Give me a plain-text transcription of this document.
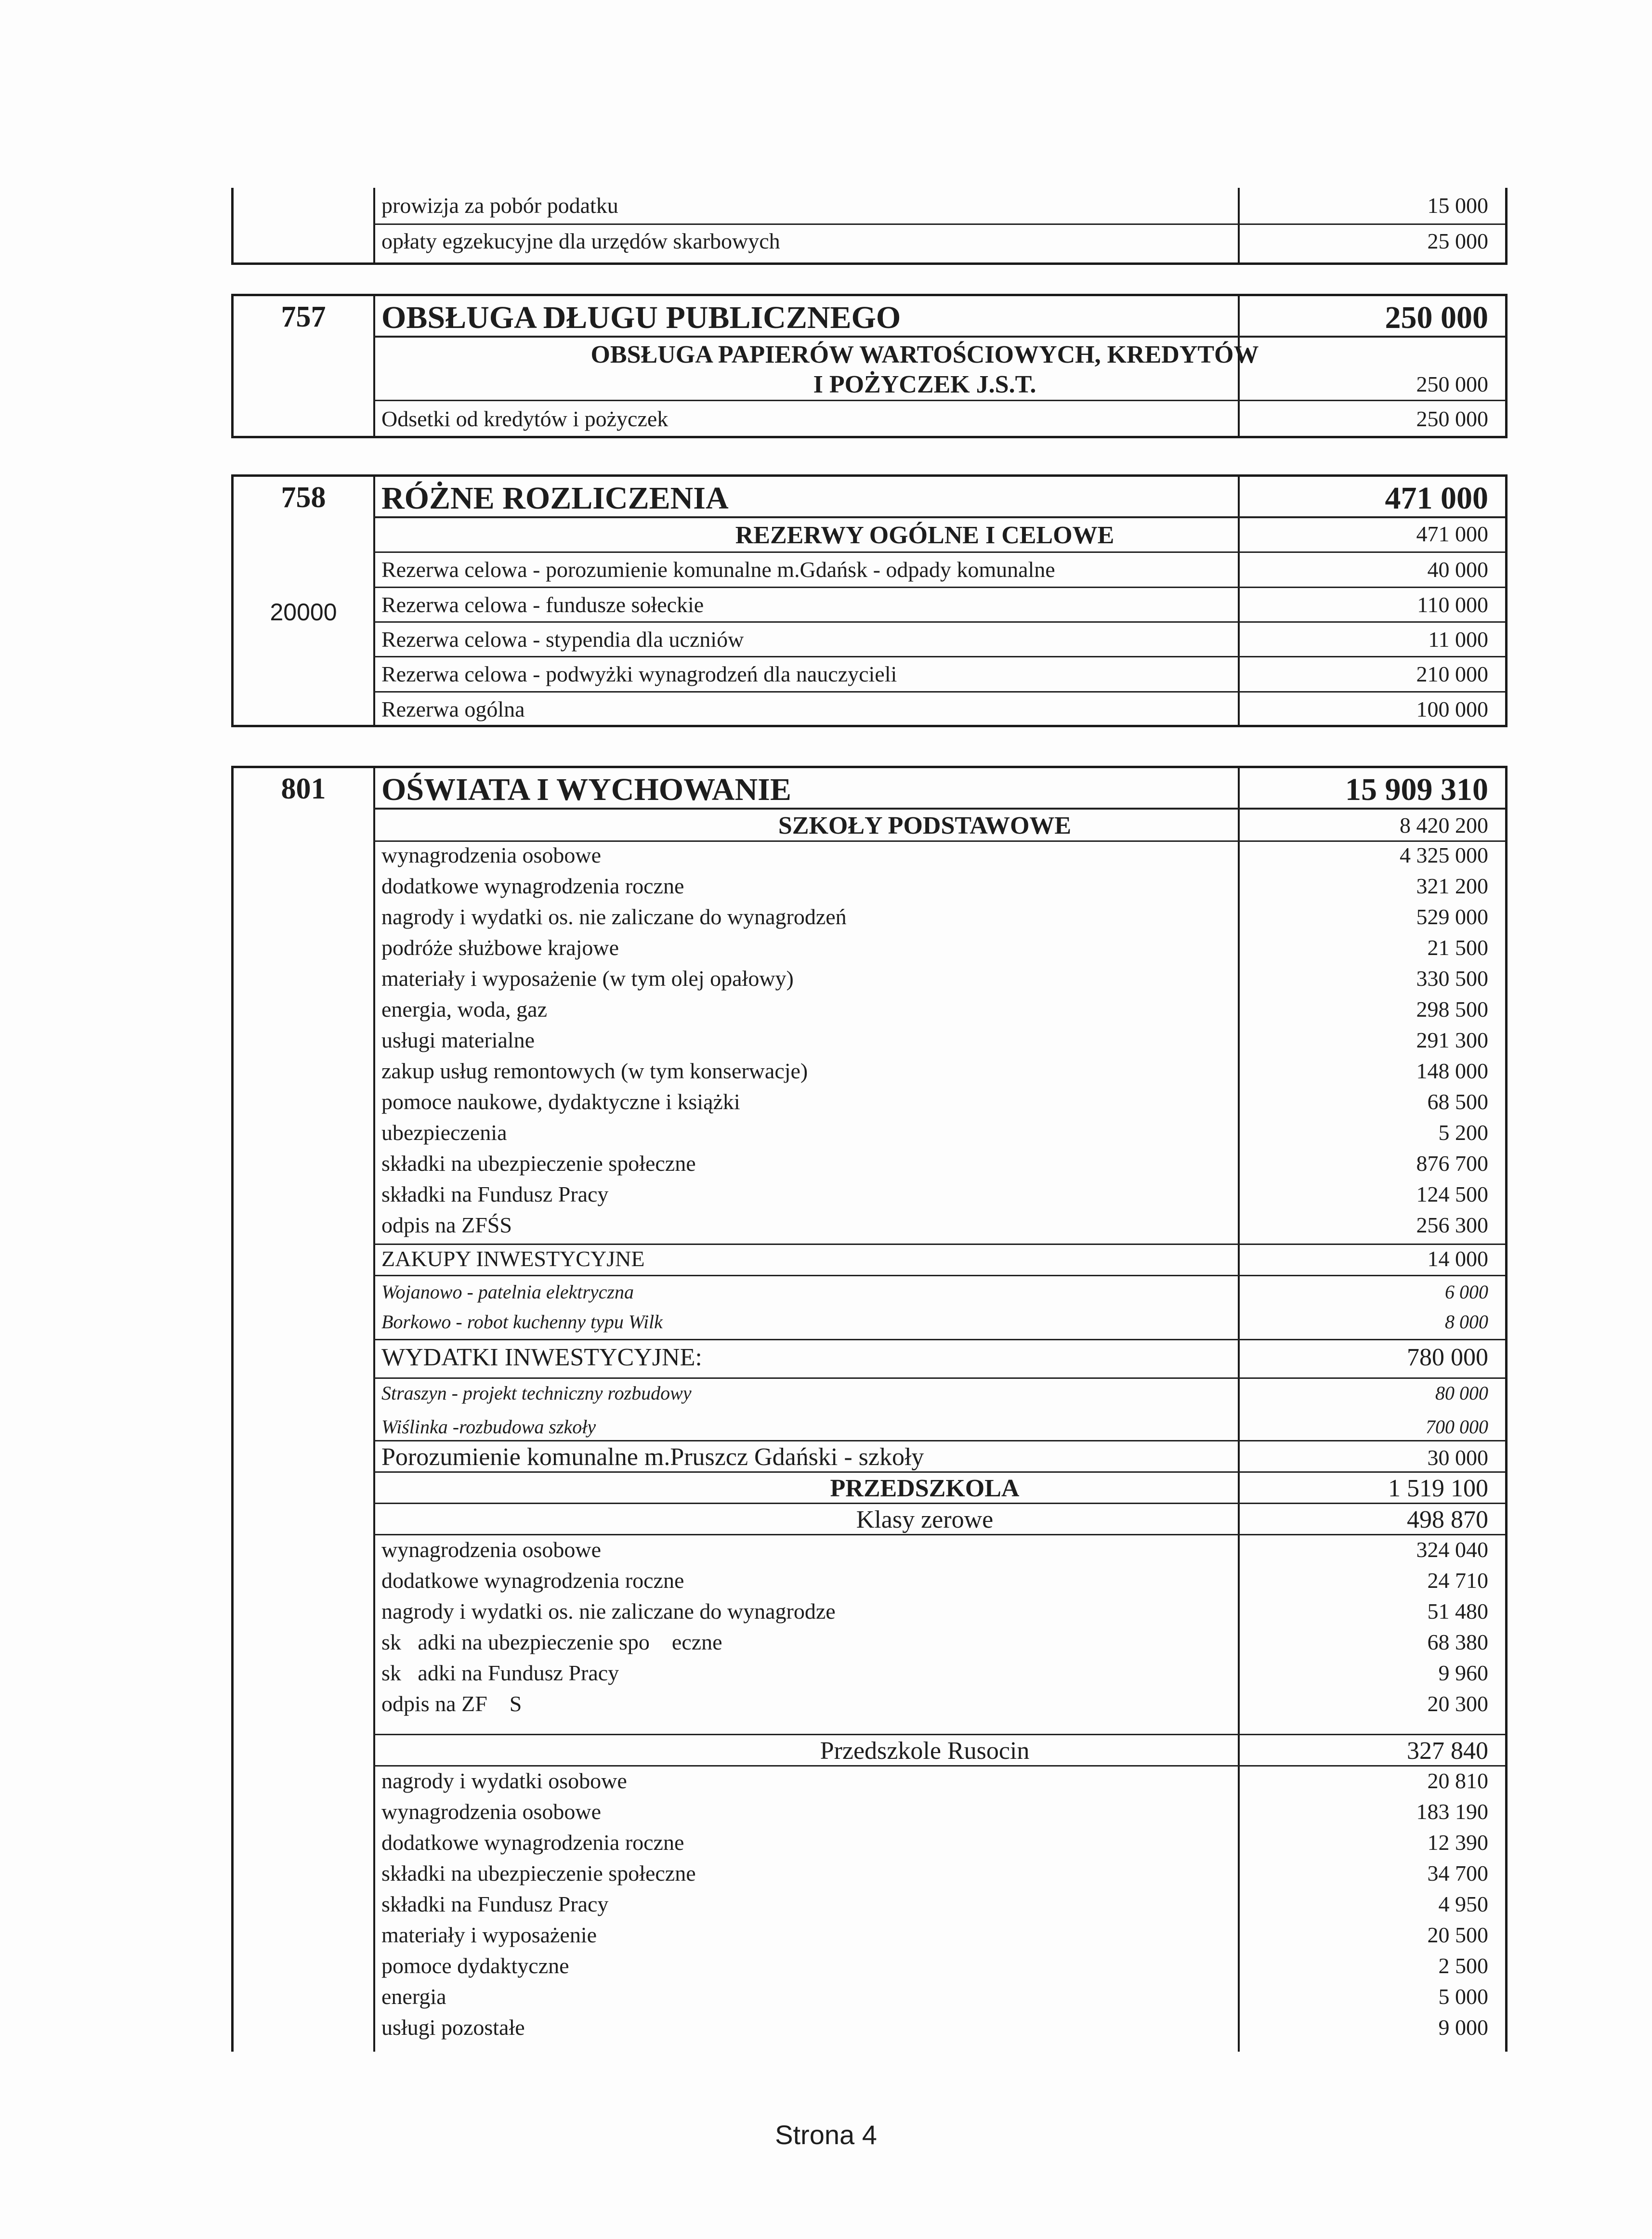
prowizja za pobór podatku	15 000
opłaty egzekucyjne dla urzędów skarbowych	25 000
757	OBSŁUGA DŁUGU PUBLICZNEGO	250 000
OBSŁUGA PAPIERÓW WARTOŚCIOWYCH, KREDYTÓW
I POŻYCZEK J.S.T.	250 000
Odsetki od kredytów i pożyczek	250 000
758	RÓŻNE ROZLICZENIA	471 000
REZERWY OGÓLNE I CELOWE	471 000
20000
Rezerwa celowa - porozumienie komunalne m.Gdańsk - odpady komunalne	40 000
Rezerwa celowa - fundusze sołeckie	110 000
Rezerwa celowa - stypendia dla uczniów	11 000
Rezerwa celowa - podwyżki wynagrodzeń dla nauczycieli	210 000
Rezerwa ogólna	100 000
801	OŚWIATA I WYCHOWANIE	15 909 310
SZKOŁY PODSTAWOWE	8 420 200
wynagrodzenia osobowe	4 325 000
dodatkowe wynagrodzenia roczne	321 200
nagrody i wydatki os. nie zaliczane do wynagrodzeń	529 000
podróże służbowe krajowe	21 500
materiały i wyposażenie (w tym olej opałowy)	330 500
energia, woda, gaz	298 500
usługi materialne	291 300
zakup usług remontowych (w tym konserwacje)	148 000
pomoce naukowe, dydaktyczne i książki	68 500
ubezpieczenia	5 200
składki na ubezpieczenie społeczne	876 700
składki na Fundusz Pracy	124 500
odpis na ZFŚS	256 300
ZAKUPY INWESTYCYJNE	14 000
Wojanowo - patelnia elektryczna	6 000
Borkowo - robot kuchenny typu Wilk	8 000
WYDATKI INWESTYCYJNE:	780 000
Straszyn - projekt techniczny rozbudowy	80 000
Wiślinka -rozbudowa szkoły	700 000
Porozumienie komunalne m.Pruszcz Gdański - szkoły	30 000
PRZEDSZKOLA	1 519 100
Klasy zerowe	498 870
wynagrodzenia osobowe	324 040
dodatkowe wynagrodzenia roczne	24 710
nagrody i wydatki os. nie zaliczane do wynagrodze	51 480
sk   adki na ubezpieczenie spo    eczne	68 380
sk   adki na Fundusz Pracy	9 960
odpis na ZF    S	20 300
Przedszkole Rusocin	327 840
nagrody i wydatki osobowe	20 810
wynagrodzenia osobowe	183 190
dodatkowe wynagrodzenia roczne	12 390
składki na ubezpieczenie społeczne	34 700
składki na Fundusz Pracy	4 950
materiały i wyposażenie	20 500
pomoce dydaktyczne	2 500
energia	5 000
usługi pozostałe	9 000
Strona 4
